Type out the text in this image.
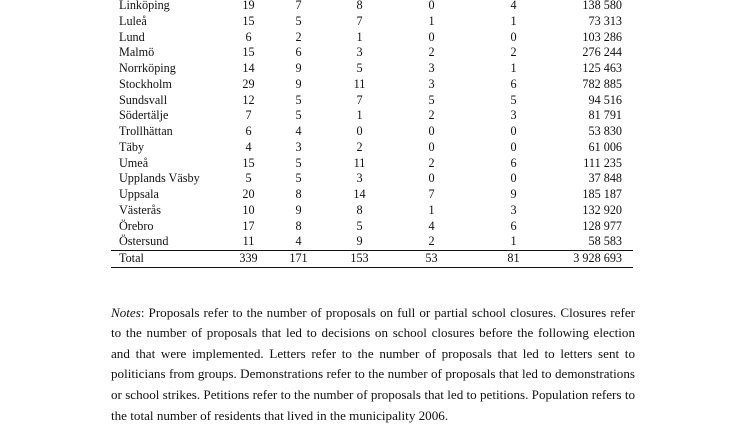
Linköping	19	7	8	0	4	138 580
Luleå	15	5	7	1	1	73 313
Lund	6	2	1	0	0	103 286
Malmö	15	6	3	2	2	276 244
Norrköping	14	9	5	3	1	125 463
Stockholm	29	9	11	3	6	782 885
Sundsvall	12	5	7	5	5	94 516
Södertälje	7	5	1	2	3	81 791
Trollhättan	6	4	0	0	0	53 830
Täby	4	3	2	0	0	61 006
Umeå	15	5	11	2	6	111 235
Upplands Väsby	5	5	3	0	0	37 848
Uppsala	20	8	14	7	9	185 187
Västerås	10	9	8	1	3	132 920
Örebro	17	8	5	4	6	128 977
Östersund	11	4	9	2	1	58 583
Total	339	171	153	53	81	3 928 693

Notes: Proposals refer to the number of proposals on full or partial school closures. Closures refer to the number of proposals that led to decisions on school closures before the following election and that were implemented. Letters refer to the number of proposals that led to letters sent to politicians from groups. Demonstrations refer to the number of proposals that led to demonstrations or school strikes. Petitions refer to the number of proposals that led to petitions. Population refers to the total number of residents that lived in the municipality 2006.
